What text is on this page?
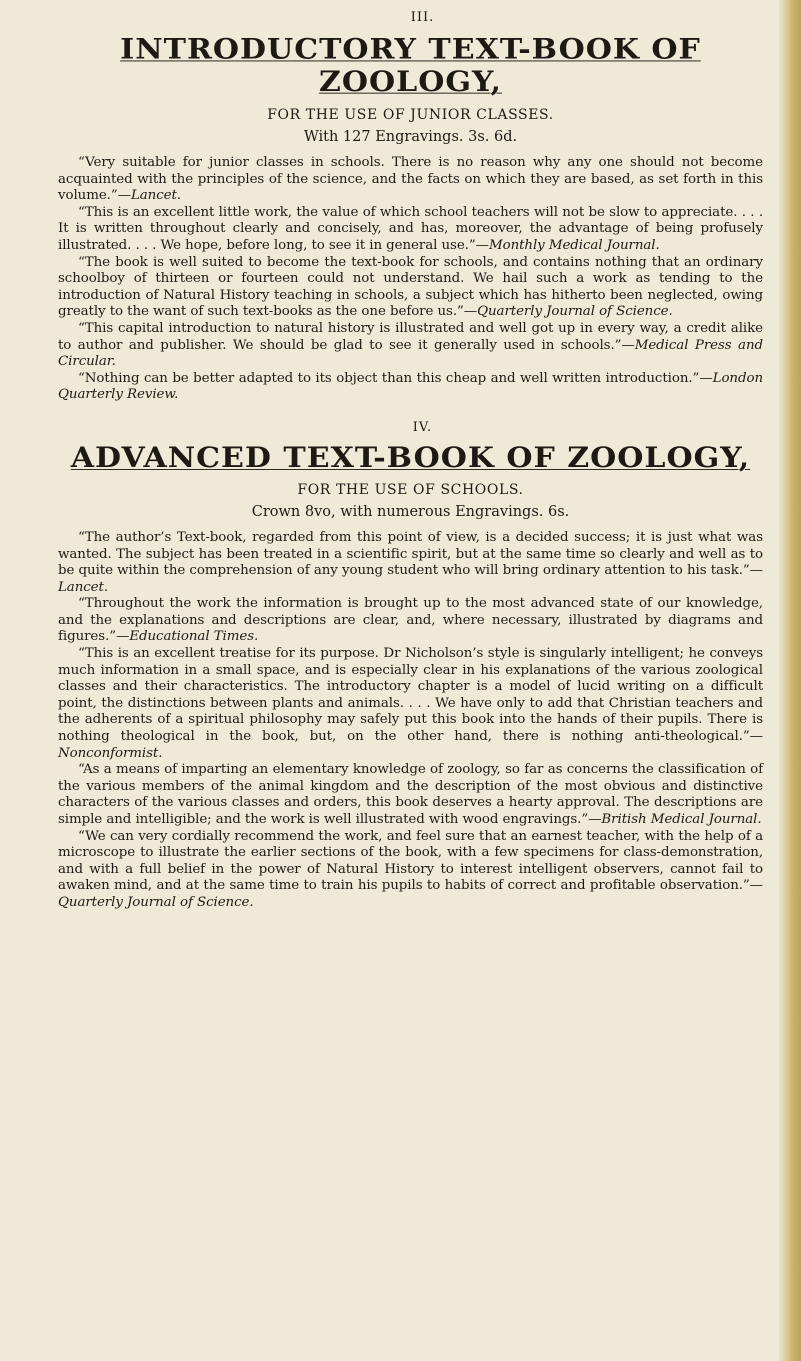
III.
INTRODUCTORY TEXT-BOOK OF ZOOLOGY,
FOR THE USE OF JUNIOR CLASSES.
With 127 Engravings. 3s. 6d.

“Very suitable for junior classes in schools. There is no reason why any one should not become acquainted with the principles of the science, and the facts on which they are based, as set forth in this volume.”—Lancet.

“This is an excellent little work, the value of which school teachers will not be slow to appreciate. . . . It is written throughout clearly and concisely, and has, moreover, the advantage of being profusely illustrated. . . . We hope, before long, to see it in general use.”—Monthly Medical Journal.

“The book is well suited to become the text-book for schools, and contains nothing that an ordinary schoolboy of thirteen or fourteen could not understand. We hail such a work as tending to the introduction of Natural History teaching in schools, a subject which has hitherto been neglected, owing greatly to the want of such text-books as the one before us.”—Quarterly Journal of Science.

“This capital introduction to natural history is illustrated and well got up in every way, a credit alike to author and publisher. We should be glad to see it generally used in schools.”—Medical Press and Circular.

“Nothing can be better adapted to its object than this cheap and well written introduction.”—London Quarterly Review.

IV.
ADVANCED TEXT-BOOK OF ZOOLOGY,
FOR THE USE OF SCHOOLS.
Crown 8vo, with numerous Engravings. 6s.

“The author’s Text-book, regarded from this point of view, is a decided success; it is just what was wanted. The subject has been treated in a scientific spirit, but at the same time so clearly and well as to be quite within the comprehension of any young student who will bring ordinary attention to his task.”—Lancet.

“Throughout the work the information is brought up to the most advanced state of our knowledge, and the explanations and descriptions are clear, and, where necessary, illustrated by diagrams and figures.”—Educational Times.

“This is an excellent treatise for its purpose. Dr Nicholson’s style is singularly intelligent; he conveys much information in a small space, and is especially clear in his explanations of the various zoological classes and their characteristics. The introductory chapter is a model of lucid writing on a difficult point, the distinctions between plants and animals. . . . We have only to add that Christian teachers and the adherents of a spiritual philosophy may safely put this book into the hands of their pupils. There is nothing theological in the book, but, on the other hand, there is nothing anti-theological.”—Nonconformist.

“As a means of imparting an elementary knowledge of zoology, so far as concerns the classification of the various members of the animal kingdom and the description of the most obvious and distinctive characters of the various classes and orders, this book deserves a hearty approval. The descriptions are simple and intelligible; and the work is well illustrated with wood engravings.”—British Medical Journal.

“We can very cordially recommend the work, and feel sure that an earnest teacher, with the help of a microscope to illustrate the earlier sections of the book, with a few specimens for class-demonstration, and with a full belief in the power of Natural History to interest intelligent observers, cannot fail to awaken mind, and at the same time to train his pupils to habits of correct and profitable observation.”—Quarterly Journal of Science.
